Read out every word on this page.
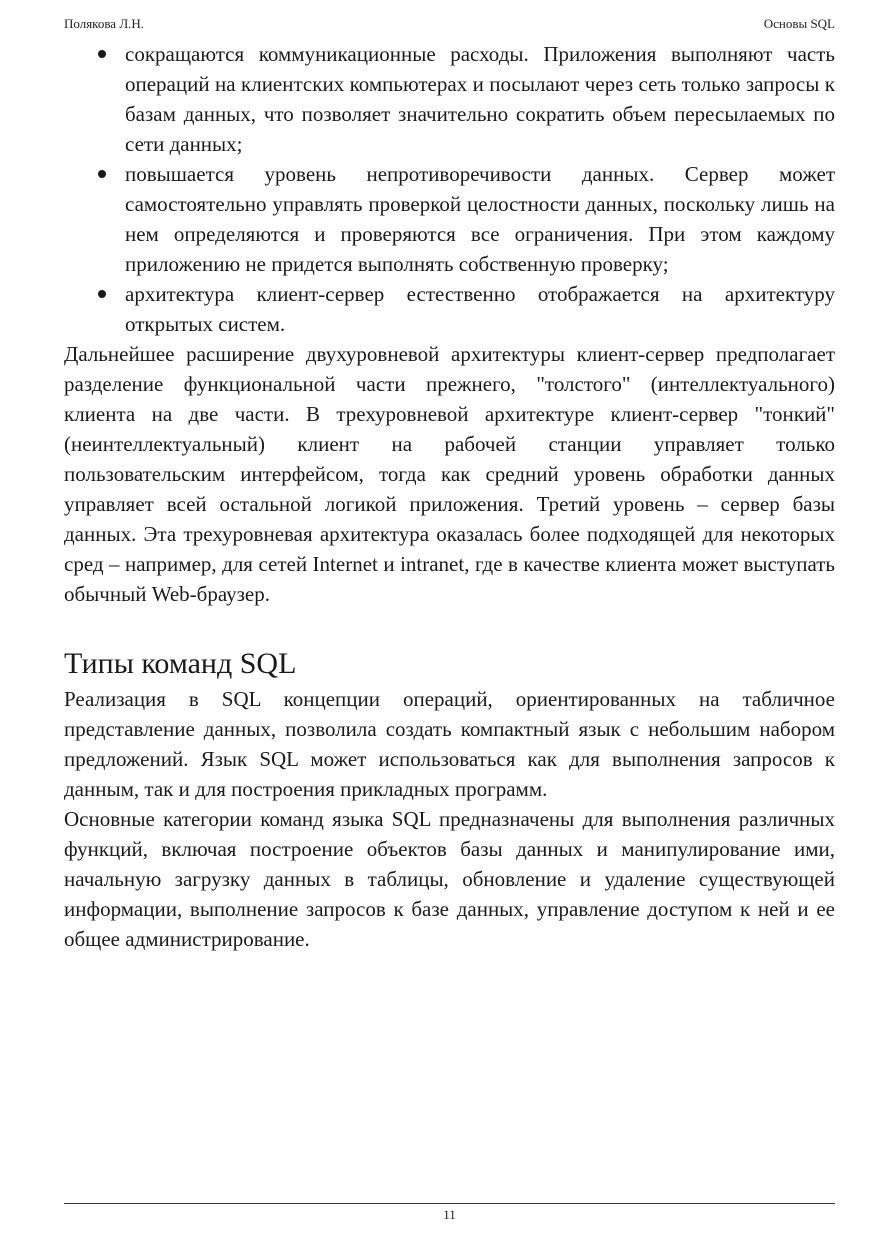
Полякова Л.Н.	Основы SQL
сокращаются коммуникационные расходы. Приложения выполняют часть операций на клиентских компьютерах и посылают через сеть только запросы к базам данных, что позволяет значительно сократить объем пересылаемых по сети данных;
повышается уровень непротиворечивости данных. Сервер может самостоятельно управлять проверкой целостности данных, поскольку лишь на нем определяются и проверяются все ограничения. При этом каждому приложению не придется выполнять собственную проверку;
архитектура клиент-сервер естественно отображается на архитектуру открытых систем.

Дальнейшее расширение двухуровневой архитектуры клиент-сервер предполагает разделение функциональной части прежнего, "толстого" (интеллектуального) клиента на две части. В трехуровневой архитектуре клиент-сервер "тонкий" (неинтеллектуальный) клиент на рабочей станции управляет только пользовательским интерфейсом, тогда как средний уровень обработки данных управляет всей остальной логикой приложения. Третий уровень – сервер базы данных. Эта трехуровневая архитектура оказалась более подходящей для некоторых сред – например, для сетей Internet и intranet, где в качестве клиента может выступать обычный Web-браузер.

Типы команд SQL

Реализация в SQL концепции операций, ориентированных на табличное представление данных, позволила создать компактный язык с небольшим набором предложений. Язык SQL может использоваться как для выполнения запросов к данным, так и для построения прикладных программ.

Основные категории команд языка SQL предназначены для выполнения различных функций, включая построение объектов базы данных и манипулирование ими, начальную загрузку данных в таблицы, обновление и удаление существующей информации, выполнение запросов к базе данных, управление доступом к ней и ее общее администрирование.

11
